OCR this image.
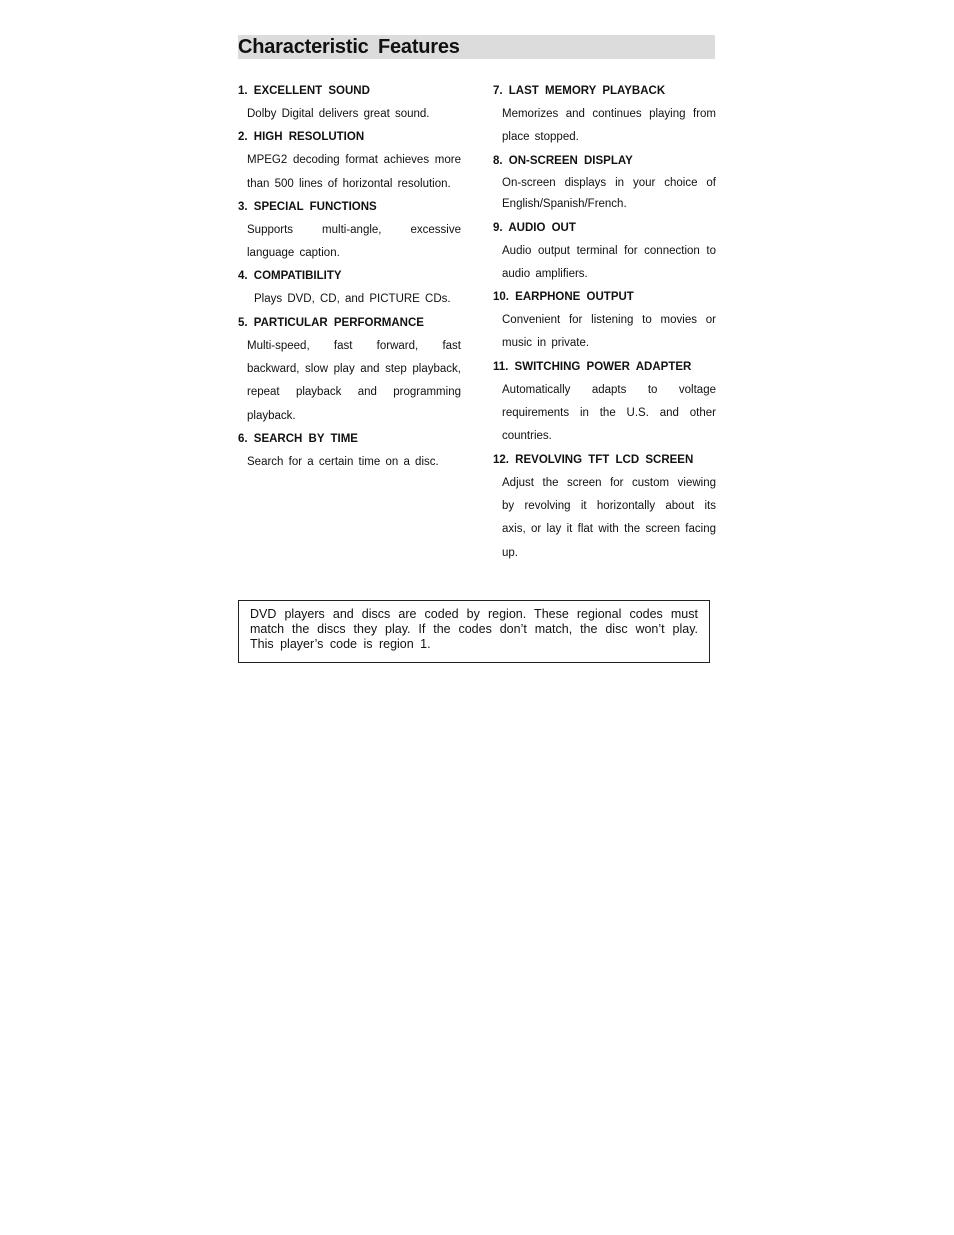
Characteristic Features
1. EXCELLENT SOUND
Dolby Digital delivers great sound.
2. HIGH RESOLUTION
MPEG2 decoding format achieves more than 500 lines of horizontal resolution.
3. SPECIAL FUNCTIONS
Supports multi-angle, excessive language caption.
4. COMPATIBILITY
Plays DVD, CD, and PICTURE CDs.
5. PARTICULAR PERFORMANCE
Multi-speed, fast forward, fast backward, slow play and step playback, repeat playback and programming playback.
6. SEARCH BY TIME
Search for a certain time on a disc.
7. LAST MEMORY PLAYBACK
Memorizes and continues playing from place stopped.
8. ON-SCREEN DISPLAY
On-screen displays in your choice of English/Spanish/French.
9. AUDIO OUT
Audio output terminal for connection to audio amplifiers.
10. EARPHONE OUTPUT
Convenient for listening to movies or music in private.
11. SWITCHING POWER ADAPTER
Automatically adapts to voltage requirements in the U.S. and other countries.
12. REVOLVING TFT LCD SCREEN
Adjust the screen for custom viewing by revolving it horizontally about its axis, or lay it flat with the screen facing up.
DVD players and discs are coded by region. These regional codes must match the discs they play. If the codes don’t match, the disc won’t play. This player’s code is region 1.
